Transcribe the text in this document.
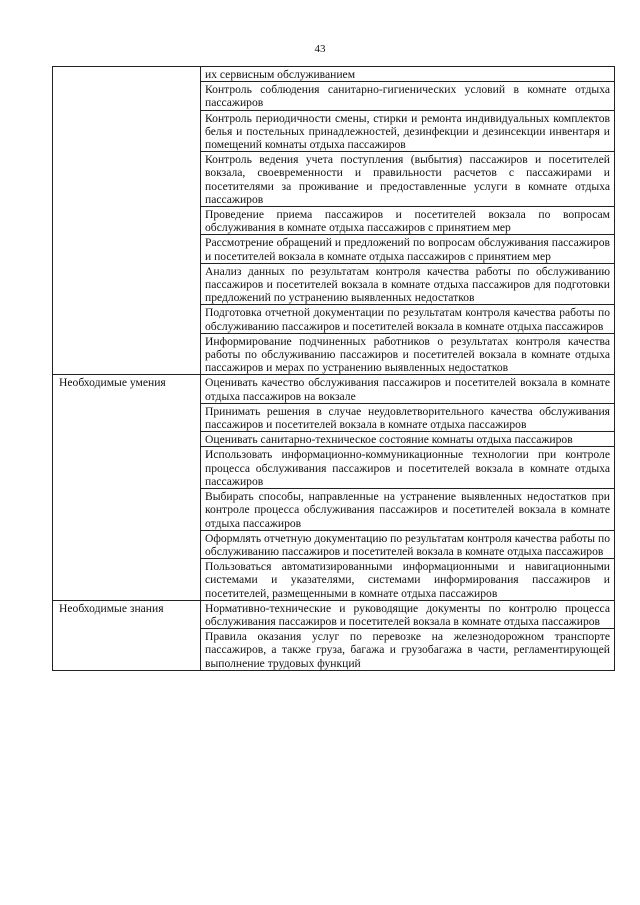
43
	их сервисным обслуживанием
	Контроль соблюдения санитарно-гигиенических условий в комнате отдыха пассажиров
	Контроль периодичности смены, стирки и ремонта индивидуальных комплектов белья и постельных принадлежностей, дезинфекции и дезинсекции инвентаря и помещений комнаты отдыха пассажиров
	Контроль ведения учета поступления (выбытия) пассажиров и посетителей вокзала, своевременности и правильности расчетов с пассажирами и посетителями за проживание и предоставленные услуги в комнате отдыха пассажиров
	Проведение приема пассажиров и посетителей вокзала по вопросам обслуживания в комнате отдыха пассажиров с принятием мер
	Рассмотрение обращений и предложений по вопросам обслуживания пассажиров и посетителей вокзала в комнате отдыха пассажиров с принятием мер
	Анализ данных по результатам контроля качества работы по обслуживанию пассажиров и посетителей вокзала в комнате отдыха пассажиров для подготовки предложений по устранению выявленных недостатков
	Подготовка отчетной документации по результатам контроля качества работы по обслуживанию пассажиров и посетителей вокзала в комнате отдыха пассажиров
	Информирование подчиненных работников о результатах контроля качества работы по обслуживанию пассажиров и посетителей вокзала в комнате отдыха пассажиров и мерах по устранению выявленных недостатков
Необходимые умения	Оценивать качество обслуживания пассажиров и посетителей вокзала в комнате отдыха пассажиров на вокзале
	Принимать решения в случае неудовлетворительного качества обслуживания пассажиров и посетителей вокзала в комнате отдыха пассажиров
	Оценивать санитарно-техническое состояние комнаты отдыха пассажиров
	Использовать информационно-коммуникационные технологии при контроле процесса обслуживания пассажиров и посетителей вокзала в комнате отдыха пассажиров
	Выбирать способы, направленные на устранение выявленных недостатков при контроле процесса обслуживания пассажиров и посетителей вокзала в комнате отдыха пассажиров
	Оформлять отчетную документацию по результатам контроля качества работы по обслуживанию пассажиров и посетителей вокзала в комнате отдыха пассажиров
	Пользоваться автоматизированными информационными и навигационными системами и указателями, системами информирования пассажиров и посетителей, размещенными в комнате отдыха пассажиров
Необходимые знания	Нормативно-технические и руководящие документы по контролю процесса обслуживания пассажиров и посетителей вокзала в комнате отдыха пассажиров
	Правила оказания услуг по перевозке на железнодорожном транспорте пассажиров, а также груза, багажа и грузобагажа в части, регламентирующей выполнение трудовых функций
